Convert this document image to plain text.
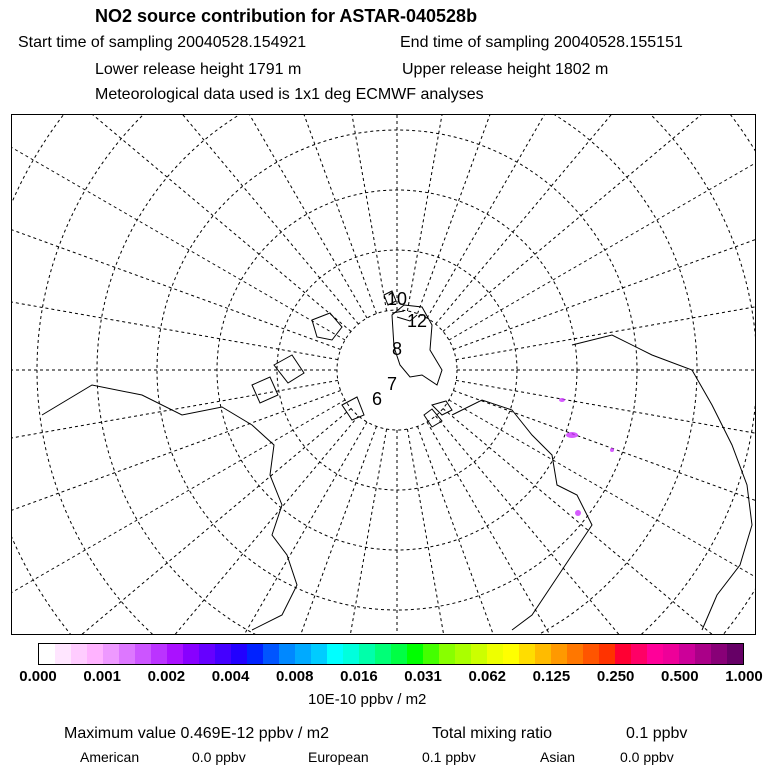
NO2 source contribution for ASTAR-040528b
Start time of sampling 20040528.154921	End time of sampling 20040528.155151
Lower release height 1791 m	Upper release height 1802 m
Meteorological data used is 1x1 deg ECMWF analyses
10
12
8
7
6
0.000 0.001 0.002 0.004 0.008 0.016 0.031 0.062 0.125 0.250 0.500 1.000
10E-10 ppbv / m2
Maximum value 0.469E-12 ppbv / m2	Total mixing ratio	0.1 ppbv
American	0.0 ppbv	European	0.1 ppbv	Asian	0.0 ppbv
